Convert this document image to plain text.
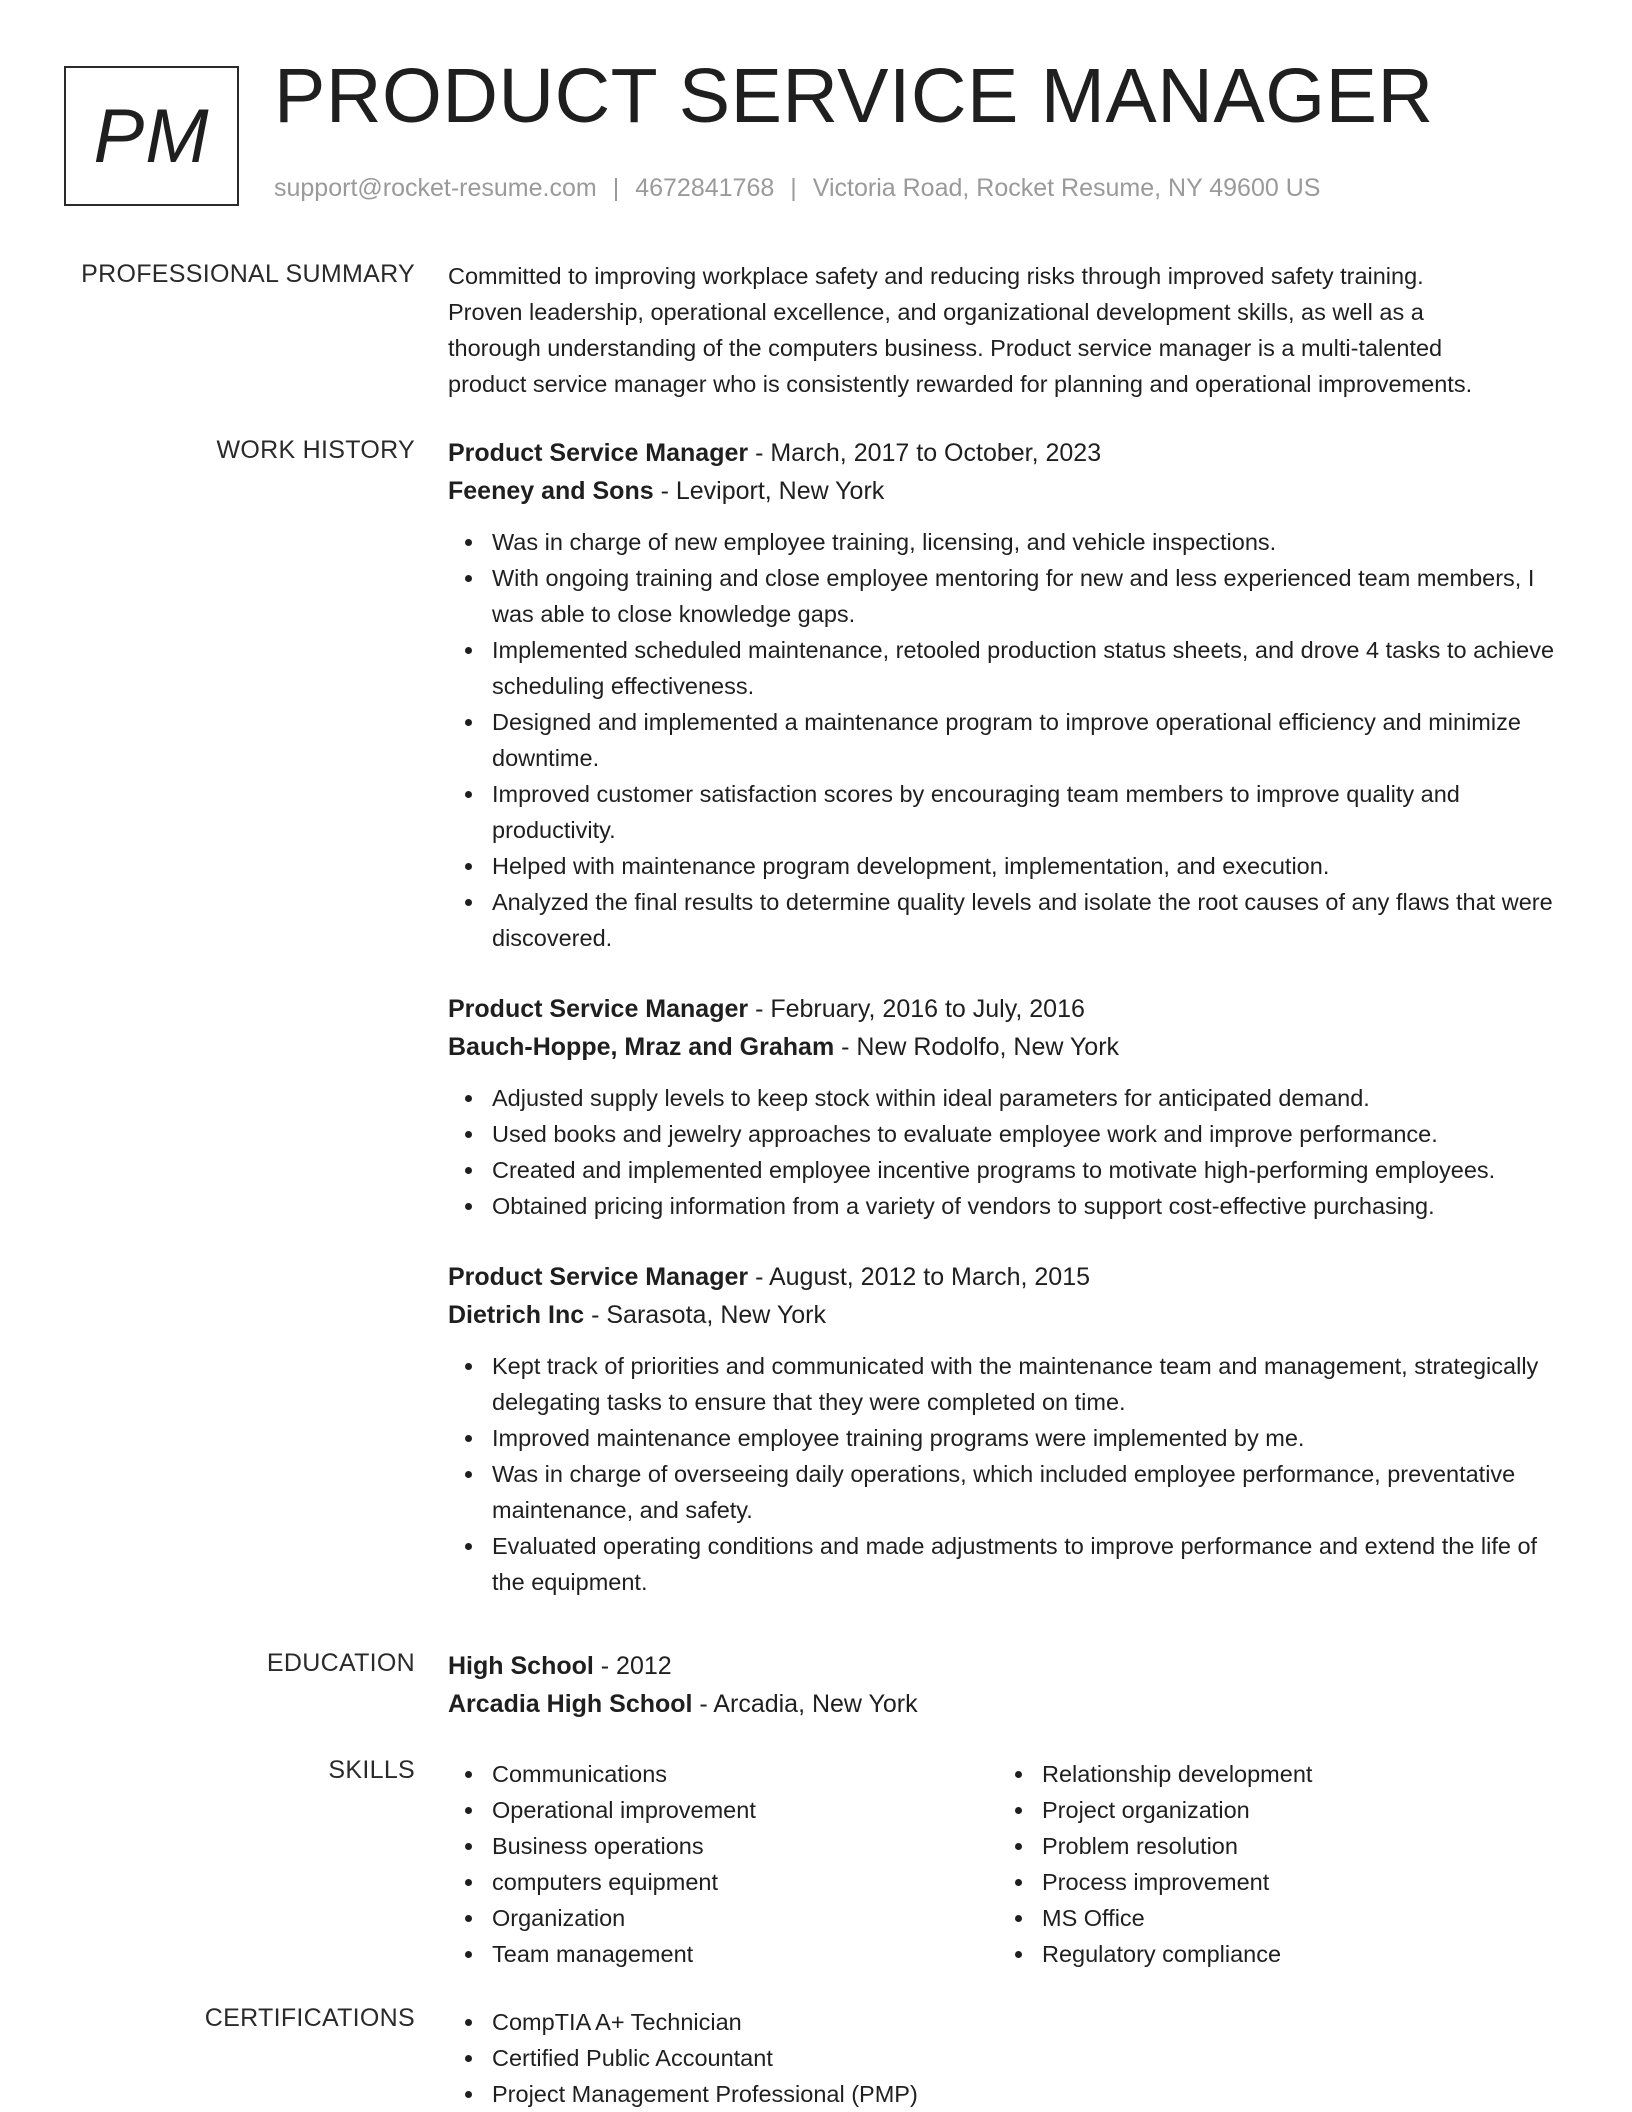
PM PRODUCT SERVICE MANAGER
support@rocket-resume.com | 4672841768 | Victoria Road, Rocket Resume, NY 49600 US
PROFESSIONAL SUMMARY Committed to improving workplace safety and reducing risks through improved safety training.
Proven leadership, operational excellence, and organizational development skills, as well as a
thorough understanding of the computers business. Product service manager is a multi-talented
product service manager who is consistently rewarded for planning and operational improvements.
WORK HISTORY Product Service Manager - March, 2017 to October, 2023
Feeney and Sons - Leviport, New York
Was in charge of new employee training, licensing, and vehicle inspections.
With ongoing training and close employee mentoring for new and less experienced team members, I was able to close knowledge gaps.
Implemented scheduled maintenance, retooled production status sheets, and drove 4 tasks to achieve scheduling effectiveness.
Designed and implemented a maintenance program to improve operational efficiency and minimize downtime.
Improved customer satisfaction scores by encouraging team members to improve quality and productivity.
Helped with maintenance program development, implementation, and execution.
Analyzed the final results to determine quality levels and isolate the root causes of any flaws that were discovered.
Product Service Manager - February, 2016 to July, 2016
Bauch-Hoppe, Mraz and Graham - New Rodolfo, New York
Adjusted supply levels to keep stock within ideal parameters for anticipated demand.
Used books and jewelry approaches to evaluate employee work and improve performance.
Created and implemented employee incentive programs to motivate high-performing employees.
Obtained pricing information from a variety of vendors to support cost-effective purchasing.
Product Service Manager - August, 2012 to March, 2015
Dietrich Inc - Sarasota, New York
Kept track of priorities and communicated with the maintenance team and management, strategically delegating tasks to ensure that they were completed on time.
Improved maintenance employee training programs were implemented by me.
Was in charge of overseeing daily operations, which included employee performance, preventative maintenance, and safety.
Evaluated operating conditions and made adjustments to improve performance and extend the life of the equipment.
EDUCATION High School - 2012
Arcadia High School - Arcadia, New York
SKILLS	Communications
Operational improvement
Business operations
computers equipment
Organization
Team management
Relationship development
Project organization
Problem resolution
Process improvement
MS Office
Regulatory compliance
CERTIFICATIONS	CompTIA A+ Technician
Certified Public Accountant
Project Management Professional (PMP)
